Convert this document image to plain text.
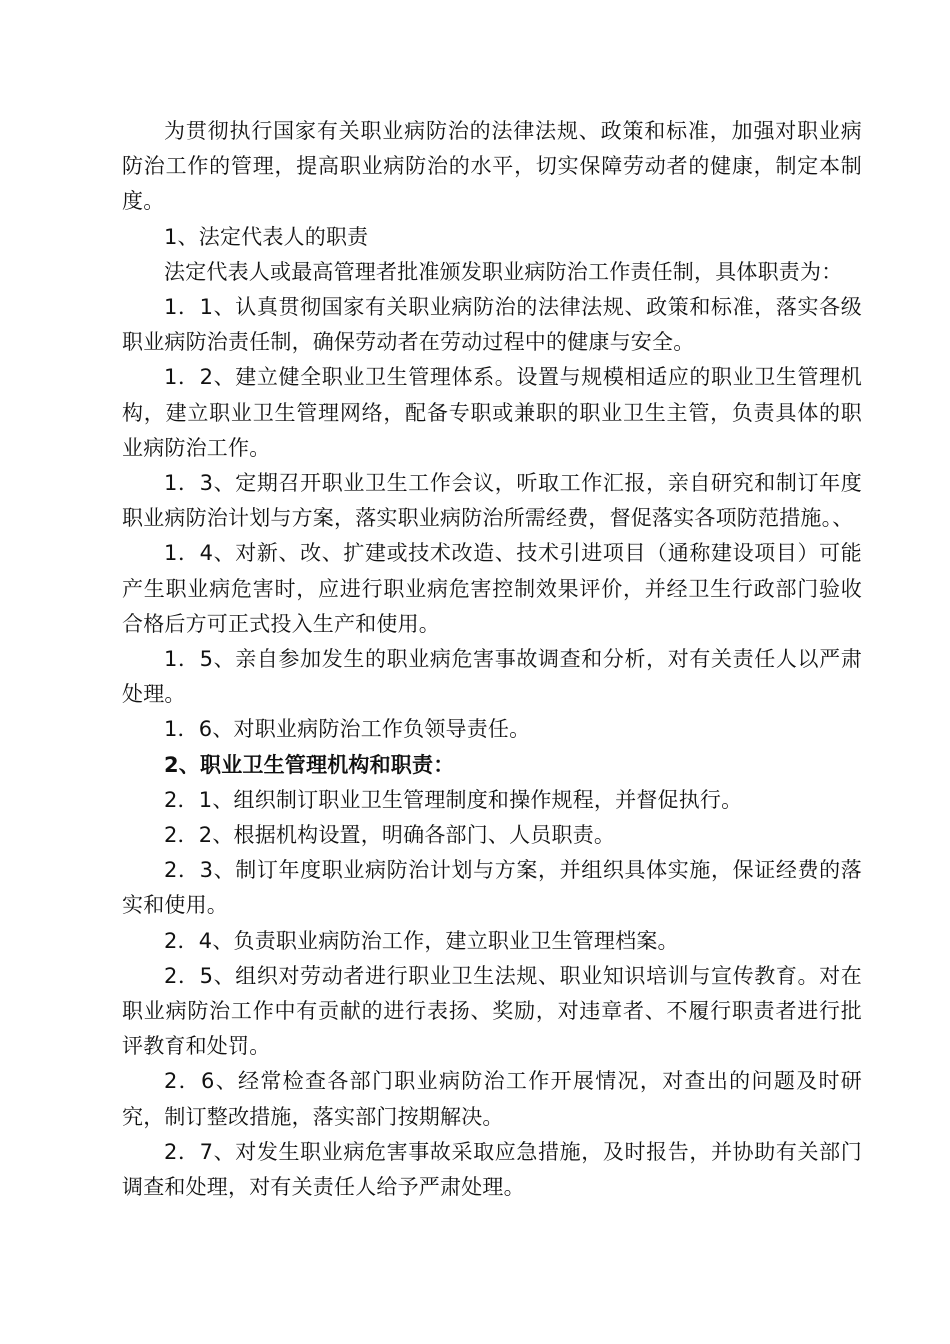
为贯彻执行国家有关职业病防治的法律法规、政策和标准，加强对职业病防治工作的管理，提高职业病防治的水平，切实保障劳动者的健康，制定本制度。

1、法定代表人的职责

法定代表人或最高管理者批准颁发职业病防治工作责任制，具体职责为：

1．1、认真贯彻国家有关职业病防治的法律法规、政策和标准，落实各级职业病防治责任制，确保劳动者在劳动过程中的健康与安全。

1．2、建立健全职业卫生管理体系。设置与规模相适应的职业卫生管理机构，建立职业卫生管理网络，配备专职或兼职的职业卫生主管，负责具体的职业病防治工作。

1．3、定期召开职业卫生工作会议，听取工作汇报，亲自研究和制订年度职业病防治计划与方案，落实职业病防治所需经费，督促落实各项防范措施。、

1．4、对新、改、扩建或技术改造、技术引进项目（通称建设项目）可能产生职业病危害时，应进行职业病危害控制效果评价，并经卫生行政部门验收合格后方可正式投入生产和使用。

1．5、亲自参加发生的职业病危害事故调查和分析，对有关责任人以严肃处理。

1．6、对职业病防治工作负领导责任。

2、职业卫生管理机构和职责：

2．1、组织制订职业卫生管理制度和操作规程，并督促执行。

2．2、根据机构设置，明确各部门、人员职责。

2．3、制订年度职业病防治计划与方案，并组织具体实施，保证经费的落实和使用。

2．4、负责职业病防治工作，建立职业卫生管理档案。

2．5、组织对劳动者进行职业卫生法规、职业知识培训与宣传教育。对在职业病防治工作中有贡献的进行表扬、奖励，对违章者、不履行职责者进行批评教育和处罚。

2．6、经常检查各部门职业病防治工作开展情况，对查出的问题及时研究，制订整改措施，落实部门按期解决。

2．7、对发生职业病危害事故采取应急措施，及时报告，并协助有关部门调查和处理，对有关责任人给予严肃处理。
